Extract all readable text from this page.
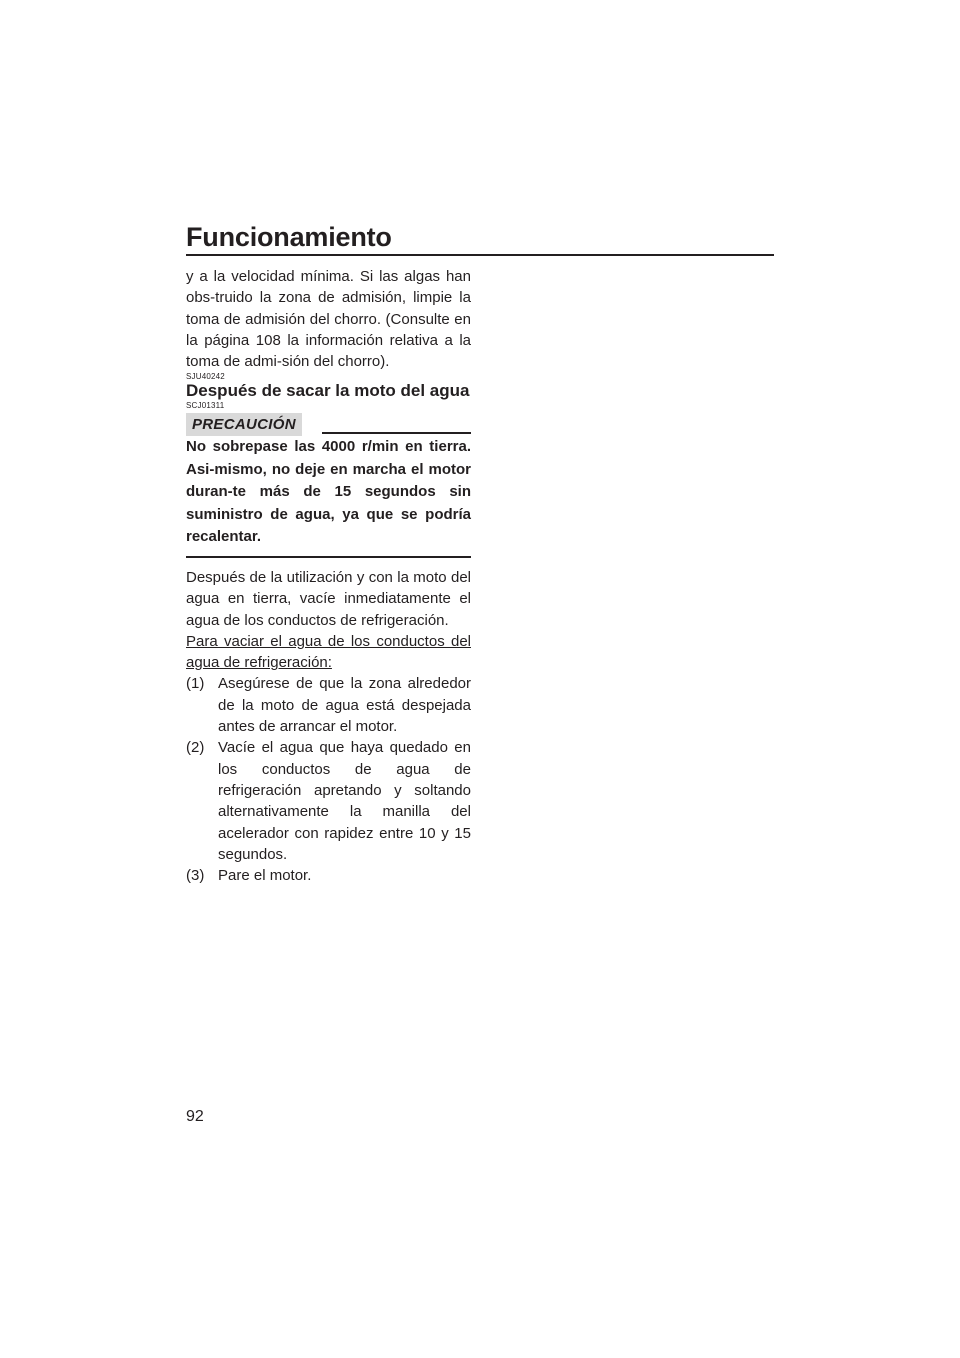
Funcionamiento

y a la velocidad mínima. Si las algas han obs-truido la zona de admisión, limpie la toma de admisión del chorro. (Consulte en la página 108 la información relativa a la toma de admi-sión del chorro).

SJU40242

Después de sacar la moto del agua

SCJ01311

PRECAUCIÓN

No sobrepase las 4000 r/min en tierra. Asi-mismo, no deje en marcha el motor duran-te más de 15 segundos sin suministro de agua, ya que se podría recalentar.

Después de la utilización y con la moto del agua en tierra, vacíe inmediatamente el agua de los conductos de refrigeración.

Para vaciar el agua de los conductos del agua de refrigeración:

(1) Asegúrese de que la zona alrededor de la moto de agua está despejada antes de arrancar el motor.
(2) Vacíe el agua que haya quedado en los conductos de agua de refrigeración apretando y soltando alternativamente la manilla del acelerador con rapidez entre 10 y 15 segundos.
(3) Pare el motor.
92
